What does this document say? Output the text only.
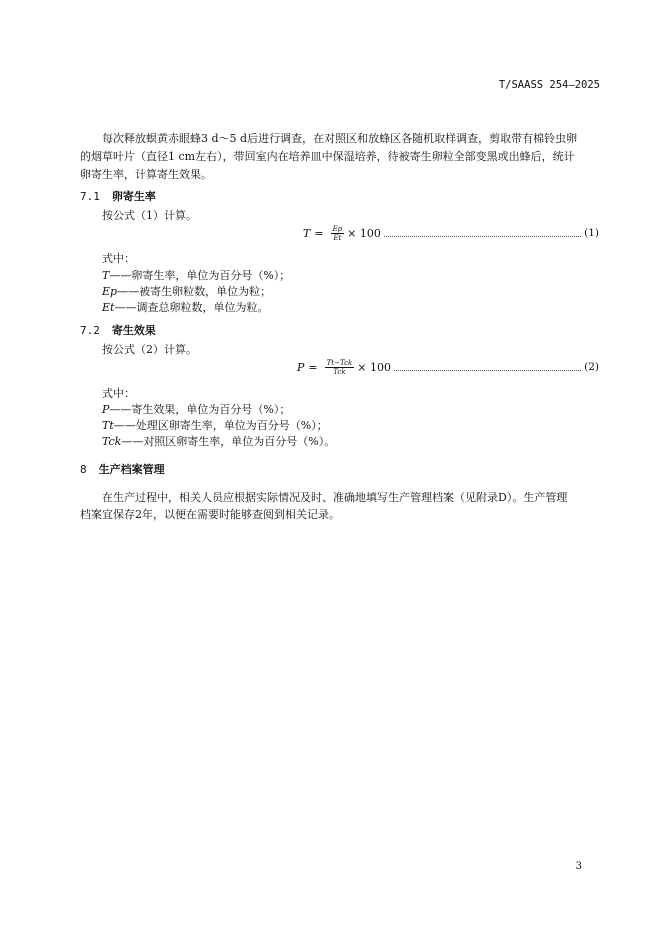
T/SAASS 254—2025
每次释放螟黄赤眼蜂3 d～5 d后进行调查，在对照区和放蜂区各随机取样调查，剪取带有棉铃虫卵
的烟草叶片（直径1 cm左右），带回室内在培养皿中保湿培养，待被寄生卵粒全部变黑或出蜂后，统计
卵寄生率，计算寄生效果。
7.1 卵寄生率
按公式（1）计算。
$T = \frac{Ep}{Et} \times 100$	(1)
式中：
T——卵寄生率，单位为百分号（%）；
Ep——被寄生卵粒数，单位为粒；
Et——调查总卵粒数，单位为粒。
7.2 寄生效果
按公式（2）计算。
$P = \frac{\text{Tt−Tck}}{\text{Tck}} \times 100$	(2)
式中：
P——寄生效果，单位为百分号（%）；
Tt——处理区卵寄生率，单位为百分号（%）；
Tck——对照区卵寄生率，单位为百分号（%）。
8 生产档案管理
在生产过程中，相关人员应根据实际情况及时、准确地填写生产管理档案（见附录D）。生产管理
档案宜保存2年，以便在需要时能够查阅到相关记录。
3
